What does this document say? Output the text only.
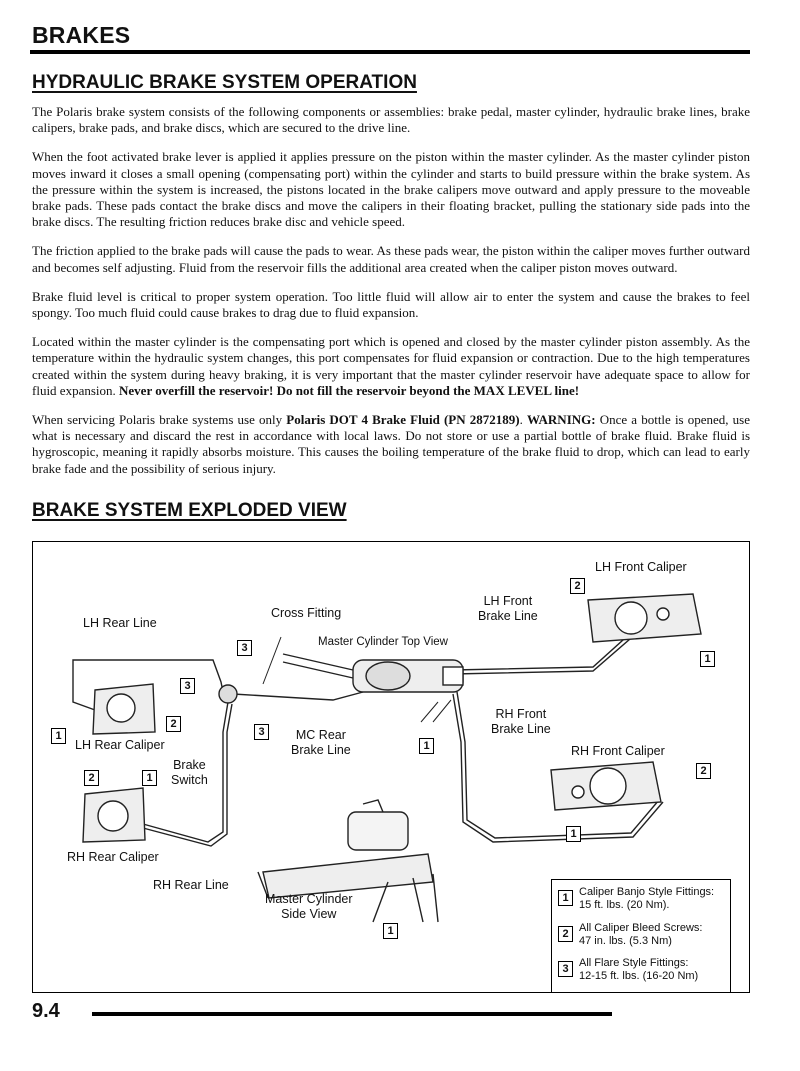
BRAKES
HYDRAULIC BRAKE SYSTEM OPERATION

The Polaris brake system consists of the following components or assemblies: brake pedal, master cylinder, hydraulic brake lines, brake calipers, brake pads, and brake discs, which are secured to the drive line.

When the foot activated brake lever is applied it applies pressure on the piston within the master cylinder. As the master cylinder piston moves inward it closes a small opening (compensating port) within the cylinder and starts to build pressure within the brake system. As the pressure within the system is increased, the pistons located in the brake calipers move outward and apply pressure to the moveable brake pads. These pads contact the brake discs and move the calipers in their floating bracket, pulling the stationary side pads into the brake discs. The resulting friction reduces brake disc and vehicle speed.

The friction applied to the brake pads will cause the pads to wear. As these pads wear, the piston within the caliper moves further outward and becomes self adjusting. Fluid from the reservoir fills the additional area created when the caliper piston moves outward.

Brake fluid level is critical to proper system operation. Too little fluid will allow air to enter the system and cause the brakes to feel spongy. Too much fluid could cause brakes to drag due to fluid expansion.

Located within the master cylinder is the compensating port which is opened and closed by the master cylinder piston assembly. As the temperature within the hydraulic system changes, this port compensates for fluid expansion or contraction. Due to the high temperatures created within the system during heavy braking, it is very important that the master cylinder reservoir have adequate space to allow for fluid expansion. Never overfill the reservoir! Do not fill the reservoir beyond the MAX LEVEL line!

When servicing Polaris brake systems use only Polaris DOT 4 Brake Fluid (PN 2872189). WARNING: Once a bottle is opened, use what is necessary and discard the rest in accordance with local laws. Do not store or use a partial bottle of brake fluid. Brake fluid is hygroscopic, meaning it rapidly absorbs moisture. This causes the boiling temperature of the brake fluid to drop, which can lead to early brake fade and the possibility of serious injury.

BRAKE SYSTEM EXPLODED VIEW
LH Front Caliper
LH Front
Brake Line
Cross Fitting
LH Rear Line
Master Cylinder Top View
LH Rear Caliper
MC Rear
Brake Line
RH Front
Brake Line
Brake
Switch
RH Front Caliper
RH Rear Caliper
RH Rear Line
Master Cylinder
Side View
2
1
3
3
3
1
2
1
2	1
2
1
1
1 Caliper Banjo Style Fittings:
15 ft. lbs. (20 Nm).
2 All Caliper Bleed Screws:
47 in. lbs. (5.3 Nm)
3 All Flare Style Fittings:
12-15 ft. lbs. (16-20 Nm)
9.4
